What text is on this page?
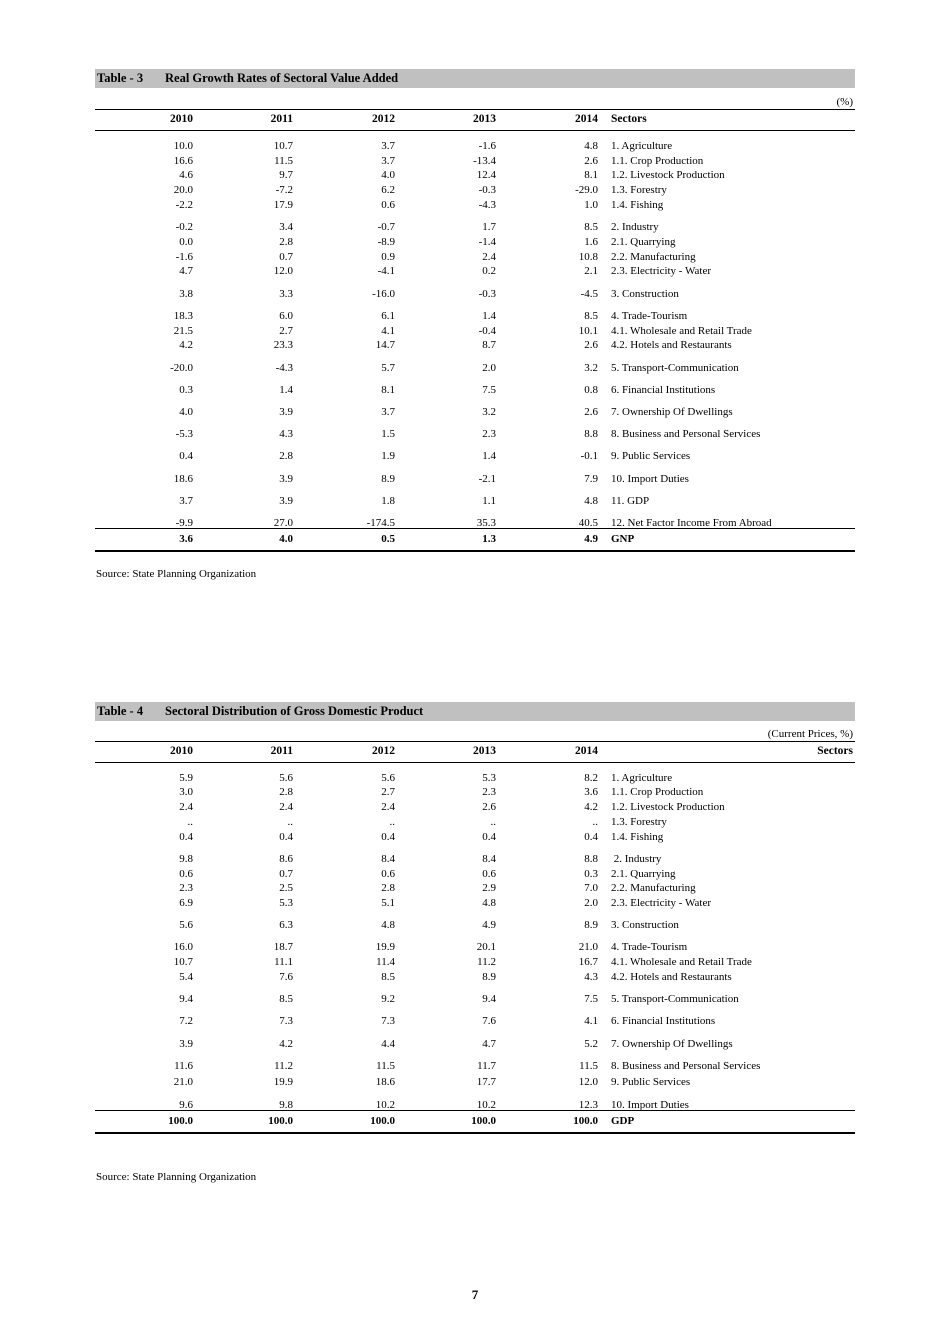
Table - 3 Real Growth Rates of Sectoral Value Added
(%)
2010	2011	2012	2013	2014 Sectors
10.0	10.7	3.7	-1.6	4.8 1. Agriculture
16.6	11.5	3.7	-13.4	2.6 1.1. Crop Production
4.6	9.7	4.0	12.4	8.1 1.2. Livestock Production
20.0	-7.2	6.2	-0.3	-29.0 1.3. Forestry
-2.2	17.9	0.6	-4.3	1.0 1.4. Fishing
-0.2	3.4	-0.7	1.7	8.5 2. Industry
0.0	2.8	-8.9	-1.4	1.6 2.1. Quarrying
-1.6	0.7	0.9	2.4	10.8 2.2. Manufacturing
4.7	12.0	-4.1	0.2	2.1 2.3. Electricity - Water
3.8	3.3	-16.0	-0.3	-4.5 3. Construction
18.3	6.0	6.1	1.4	8.5 4. Trade-Tourism
21.5	2.7	4.1	-0.4	10.1 4.1. Wholesale and Retail Trade
4.2	23.3	14.7	8.7	2.6 4.2. Hotels and Restaurants
-20.0	-4.3	5.7	2.0	3.2 5. Transport-Communication
0.3	1.4	8.1	7.5	0.8 6. Financial Institutions
4.0	3.9	3.7	3.2	2.6 7. Ownership Of Dwellings
-5.3	4.3	1.5	2.3	8.8 8. Business and Personal Services
0.4	2.8	1.9	1.4	-0.1 9. Public Services
18.6	3.9	8.9	-2.1	7.9 10. Import Duties
3.7	3.9	1.8	1.1	4.8 11. GDP
-9.9	27.0	-174.5	35.3	40.5 12. Net Factor Income From Abroad
3.6	4.0	0.5	1.3	4.9 GNP
Source: State Planning Organization
Table - 4 Sectoral Distribution of Gross Domestic Product
(Current Prices, %)
2010	2011	2012	2013	2014	Sectors
5.9	5.6	5.6	5.3	8.2 1. Agriculture
3.0	2.8	2.7	2.3	3.6 1.1. Crop Production
2.4	2.4	2.4	2.6	4.2 1.2. Livestock Production
..	..	..	..	.. 1.3. Forestry
0.4	0.4	0.4	0.4	0.4 1.4. Fishing
9.8	8.6	8.4	8.4	8.8 2. Industry
0.6	0.7	0.6	0.6	0.3 2.1. Quarrying
2.3	2.5	2.8	2.9	7.0 2.2. Manufacturing
6.9	5.3	5.1	4.8	2.0 2.3. Electricity - Water
5.6	6.3	4.8	4.9	8.9 3. Construction
16.0	18.7	19.9	20.1	21.0 4. Trade-Tourism
10.7	11.1	11.4	11.2	16.7 4.1. Wholesale and Retail Trade
5.4	7.6	8.5	8.9	4.3 4.2. Hotels and Restaurants
9.4	8.5	9.2	9.4	7.5 5. Transport-Communication
7.2	7.3	7.3	7.6	4.1 6. Financial Institutions
3.9	4.2	4.4	4.7	5.2 7. Ownership Of Dwellings
11.6	11.2	11.5	11.7	11.5 8. Business and Personal Services
21.0	19.9	18.6	17.7	12.0 9. Public Services
9.6	9.8	10.2	10.2	12.3 10. Import Duties
100.0	100.0	100.0	100.0	100.0 GDP
Source: State Planning Organization
7
